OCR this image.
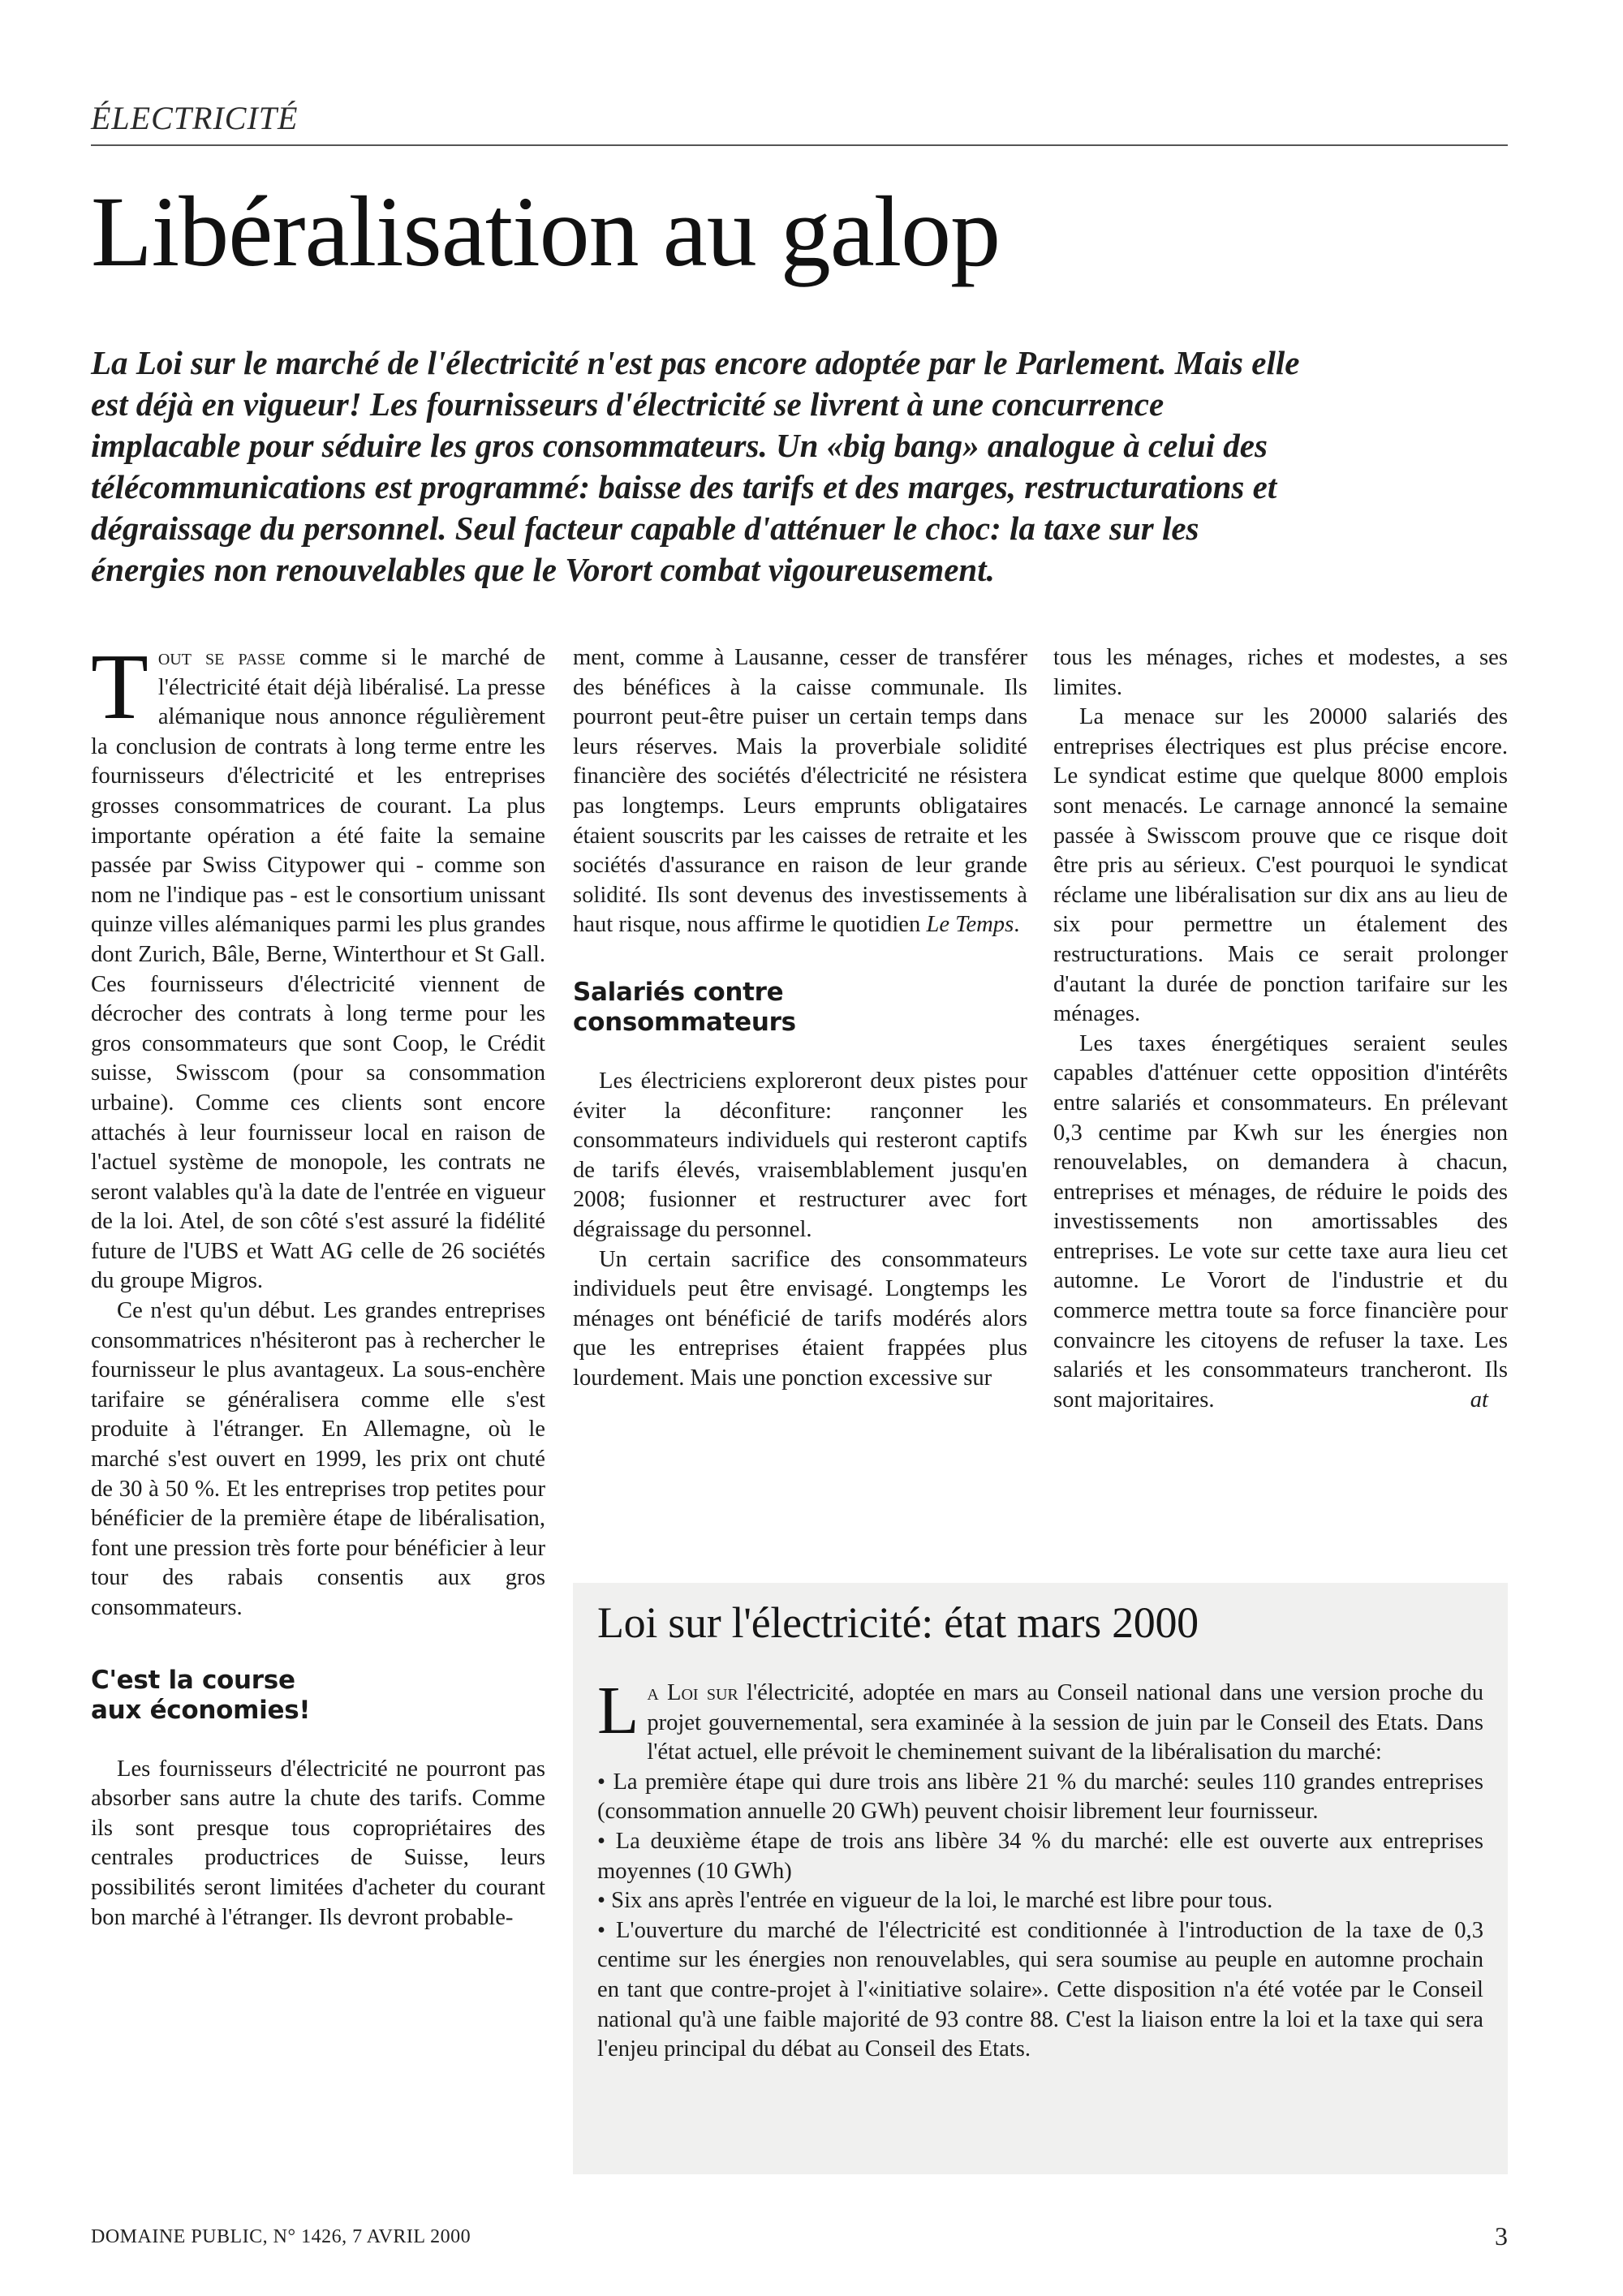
ÉLECTRICITÉ
Libéralisation au galop

La Loi sur le marché de l'électricité n'est pas encore adoptée par le Parlement. Mais elle est déjà en vigueur! Les fournisseurs d'électricité se livrent à une concurrence implacable pour séduire les gros consommateurs. Un «big bang» analogue à celui des télécommunications est programmé: baisse des tarifs et des marges, restructurations et dégraissage du personnel. Seul facteur capable d'atténuer le choc: la taxe sur les énergies non renouvelables que le Vorort combat vigoureusement.

Tout se passe comme si le marché de l'électricité était déjà libéralisé. La presse alémanique nous annonce régulièrement la conclusion de contrats à long terme entre les fournisseurs d'électricité et les entreprises grosses consommatrices de courant. La plus importante opération a été faite la semaine passée par Swiss Citypower qui - comme son nom ne l'indique pas - est le consortium unissant quinze villes alémaniques parmi les plus grandes dont Zurich, Bâle, Berne, Winterthour et St Gall. Ces fournisseurs d'électricité viennent de décrocher des contrats à long terme pour les gros consommateurs que sont Coop, le Crédit suisse, Swisscom (pour sa consommation urbaine). Comme ces clients sont encore attachés à leur fournisseur local en raison de l'actuel système de monopole, les contrats ne seront valables qu'à la date de l'entrée en vigueur de la loi. Atel, de son côté s'est assuré la fidélité future de l'UBS et Watt AG celle de 26 sociétés du groupe Migros.

Ce n'est qu'un début. Les grandes entreprises consommatrices n'hésiteront pas à rechercher le fournisseur le plus avantageux. La sous-enchère tarifaire se généralisera comme elle s'est produite à l'étranger. En Allemagne, où le marché s'est ouvert en 1999, les prix ont chuté de 30 à 50 %. Et les entreprises trop petites pour bénéficier de la première étape de libéralisation, font une pression très forte pour bénéficier à leur tour des rabais consentis aux gros consommateurs.

C'est la course
aux économies!

Les fournisseurs d'électricité ne pourront pas absorber sans autre la chute des tarifs. Comme ils sont presque tous copropriétaires des centrales productrices de Suisse, leurs possibilités seront limitées d'acheter du courant bon marché à l'étranger. Ils devront probable-

ment, comme à Lausanne, cesser de transférer des bénéfices à la caisse communale. Ils pourront peut-être puiser un certain temps dans leurs réserves. Mais la proverbiale solidité financière des sociétés d'électricité ne résistera pas longtemps. Leurs emprunts obligataires étaient souscrits par les caisses de retraite et les sociétés d'assurance en raison de leur grande solidité. Ils sont devenus des investissements à haut risque, nous affirme le quotidien Le Temps.

Salariés contre
consommateurs

Les électriciens exploreront deux pistes pour éviter la déconfiture: rançonner les consommateurs individuels qui resteront captifs de tarifs élevés, vraisemblablement jusqu'en 2008; fusionner et restructurer avec fort dégraissage du personnel.

Un certain sacrifice des consommateurs individuels peut être envisagé. Longtemps les ménages ont bénéficié de tarifs modérés alors que les entreprises étaient frappées plus lourdement. Mais une ponction excessive sur

tous les ménages, riches et modestes, a ses limites.

La menace sur les 20000 salariés des entreprises électriques est plus précise encore. Le syndicat estime que quelque 8000 emplois sont menacés. Le carnage annoncé la semaine passée à Swisscom prouve que ce risque doit être pris au sérieux. C'est pourquoi le syndicat réclame une libéralisation sur dix ans au lieu de six pour permettre un étalement des restructurations. Mais ce serait prolonger d'autant la durée de ponction tarifaire sur les ménages.

Les taxes énergétiques seraient seules capables d'atténuer cette opposition d'intérêts entre salariés et consommateurs. En prélevant 0,3 centime par Kwh sur les énergies non renouvelables, on demandera à chacun, entreprises et ménages, de réduire le poids des investissements non amortissables des entreprises. Le vote sur cette taxe aura lieu cet automne. Le Vorort de l'industrie et du commerce mettra toute sa force financière pour convaincre les citoyens de refuser la taxe. Les salariés et les consommateurs trancheront. Ils sont majoritaires.	at

Loi sur l'électricité: état mars 2000

La Loi sur l'électricité, adoptée en mars au Conseil national dans une version proche du projet gouvernemental, sera examinée à la session de juin par le Conseil des Etats. Dans l'état actuel, elle prévoit le cheminement suivant de la libéralisation du marché:

• La première étape qui dure trois ans libère 21 % du marché: seules 110 grandes entreprises (consommation annuelle 20 GWh) peuvent choisir librement leur fournisseur.

• La deuxième étape de trois ans libère 34 % du marché: elle est ouverte aux entreprises moyennes (10 GWh)

• Six ans après l'entrée en vigueur de la loi, le marché est libre pour tous.

• L'ouverture du marché de l'électricité est conditionnée à l'introduction de la taxe de 0,3 centime sur les énergies non renouvelables, qui sera soumise au peuple en automne prochain en tant que contre-projet à l'«initiative solaire». Cette disposition n'a été votée par le Conseil national qu'à une faible majorité de 93 contre 88. C'est la liaison entre la loi et la taxe qui sera l'enjeu principal du débat au Conseil des Etats.

DOMAINE PUBLIC, N° 1426, 7 AVRIL 2000	3
